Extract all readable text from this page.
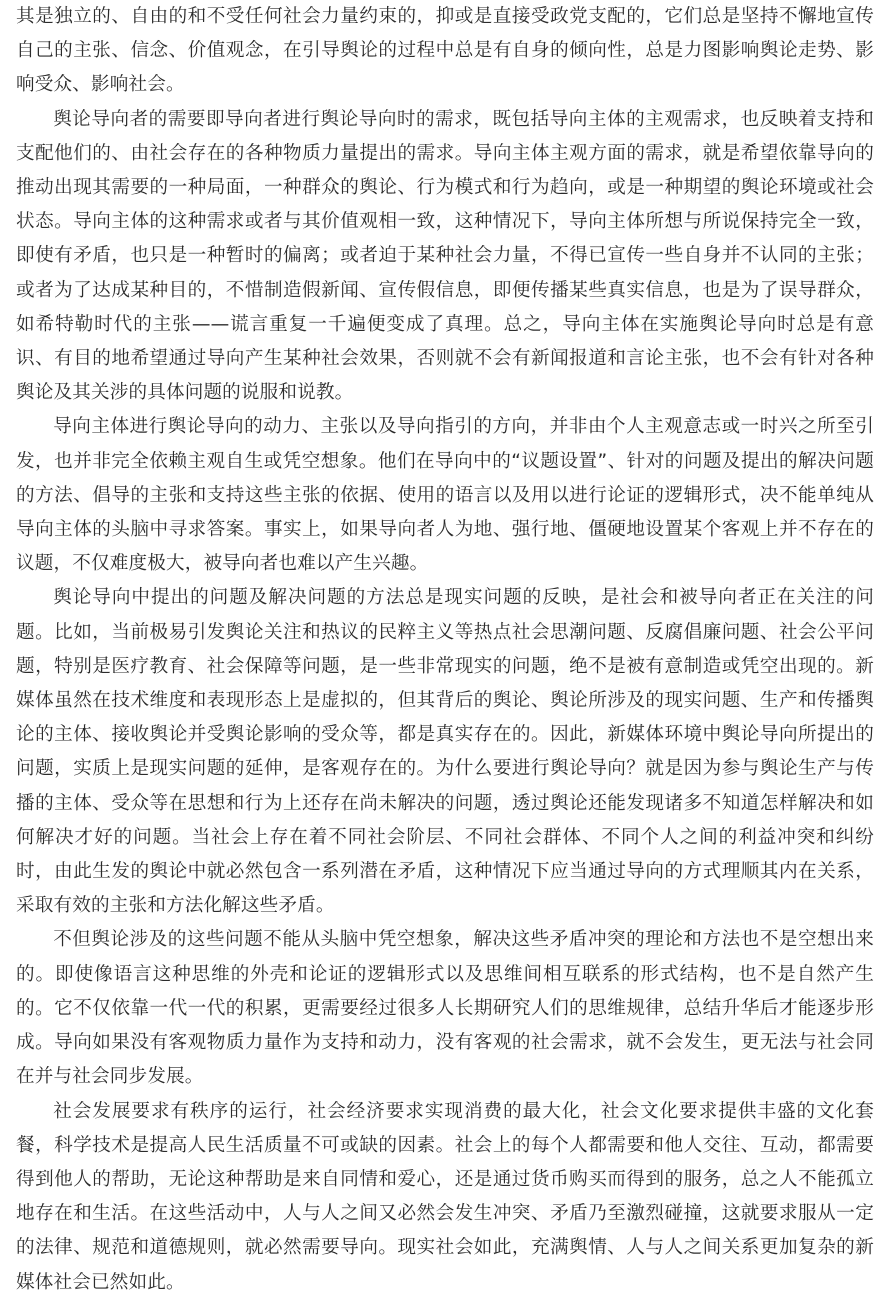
其是独立的、自由的和不受任何社会力量约束的，抑或是直接受政党支配的，它们总是坚持不懈地宣传自己的主张、信念、价值观念，在引导舆论的过程中总是有自身的倾向性，总是力图影响舆论走势、影响受众、影响社会。

舆论导向者的需要即导向者进行舆论导向时的需求，既包括导向主体的主观需求，也反映着支持和支配他们的、由社会存在的各种物质力量提出的需求。导向主体主观方面的需求，就是希望依靠导向的推动出现其需要的一种局面，一种群众的舆论、行为模式和行为趋向，或是一种期望的舆论环境或社会状态。导向主体的这种需求或者与其价值观相一致，这种情况下，导向主体所想与所说保持完全一致，即使有矛盾，也只是一种暂时的偏离；或者迫于某种社会力量，不得已宣传一些自身并不认同的主张；或者为了达成某种目的，不惜制造假新闻、宣传假信息，即便传播某些真实信息，也是为了误导群众，如希特勒时代的主张——谎言重复一千遍便变成了真理。总之，导向主体在实施舆论导向时总是有意识、有目的地希望通过导向产生某种社会效果，否则就不会有新闻报道和言论主张，也不会有针对各种舆论及其关涉的具体问题的说服和说教。

导向主体进行舆论导向的动力、主张以及导向指引的方向，并非由个人主观意志或一时兴之所至引发，也并非完全依赖主观自生或凭空想象。他们在导向中的“议题设置”、针对的问题及提出的解决问题的方法、倡导的主张和支持这些主张的依据、使用的语言以及用以进行论证的逻辑形式，决不能单纯从导向主体的头脑中寻求答案。事实上，如果导向者人为地、强行地、僵硬地设置某个客观上并不存在的议题，不仅难度极大，被导向者也难以产生兴趣。

舆论导向中提出的问题及解决问题的方法总是现实问题的反映，是社会和被导向者正在关注的问题。比如，当前极易引发舆论关注和热议的民粹主义等热点社会思潮问题、反腐倡廉问题、社会公平问题，特别是医疗教育、社会保障等问题，是一些非常现实的问题，绝不是被有意制造或凭空出现的。新媒体虽然在技术维度和表现形态上是虚拟的，但其背后的舆论、舆论所涉及的现实问题、生产和传播舆论的主体、接收舆论并受舆论影响的受众等，都是真实存在的。因此，新媒体环境中舆论导向所提出的问题，实质上是现实问题的延伸，是客观存在的。为什么要进行舆论导向？就是因为参与舆论生产与传播的主体、受众等在思想和行为上还存在尚未解决的问题，透过舆论还能发现诸多不知道怎样解决和如何解决才好的问题。当社会上存在着不同社会阶层、不同社会群体、不同个人之间的利益冲突和纠纷时，由此生发的舆论中就必然包含一系列潜在矛盾，这种情况下应当通过导向的方式理顺其内在关系，采取有效的主张和方法化解这些矛盾。

不但舆论涉及的这些问题不能从头脑中凭空想象，解决这些矛盾冲突的理论和方法也不是空想出来的。即使像语言这种思维的外壳和论证的逻辑形式以及思维间相互联系的形式结构，也不是自然产生的。它不仅依靠一代一代的积累，更需要经过很多人长期研究人们的思维规律，总结升华后才能逐步形成。导向如果没有客观物质力量作为支持和动力，没有客观的社会需求，就不会发生，更无法与社会同在并与社会同步发展。

社会发展要求有秩序的运行，社会经济要求实现消费的最大化，社会文化要求提供丰盛的文化套餐，科学技术是提高人民生活质量不可或缺的因素。社会上的每个人都需要和他人交往、互动，都需要得到他人的帮助，无论这种帮助是来自同情和爱心，还是通过货币购买而得到的服务，总之人不能孤立地存在和生活。在这些活动中，人与人之间又必然会发生冲突、矛盾乃至激烈碰撞，这就要求服从一定的法律、规范和道德规则，就必然需要导向。现实社会如此，充满舆情、人与人之间关系更加复杂的新媒体社会已然如此。
